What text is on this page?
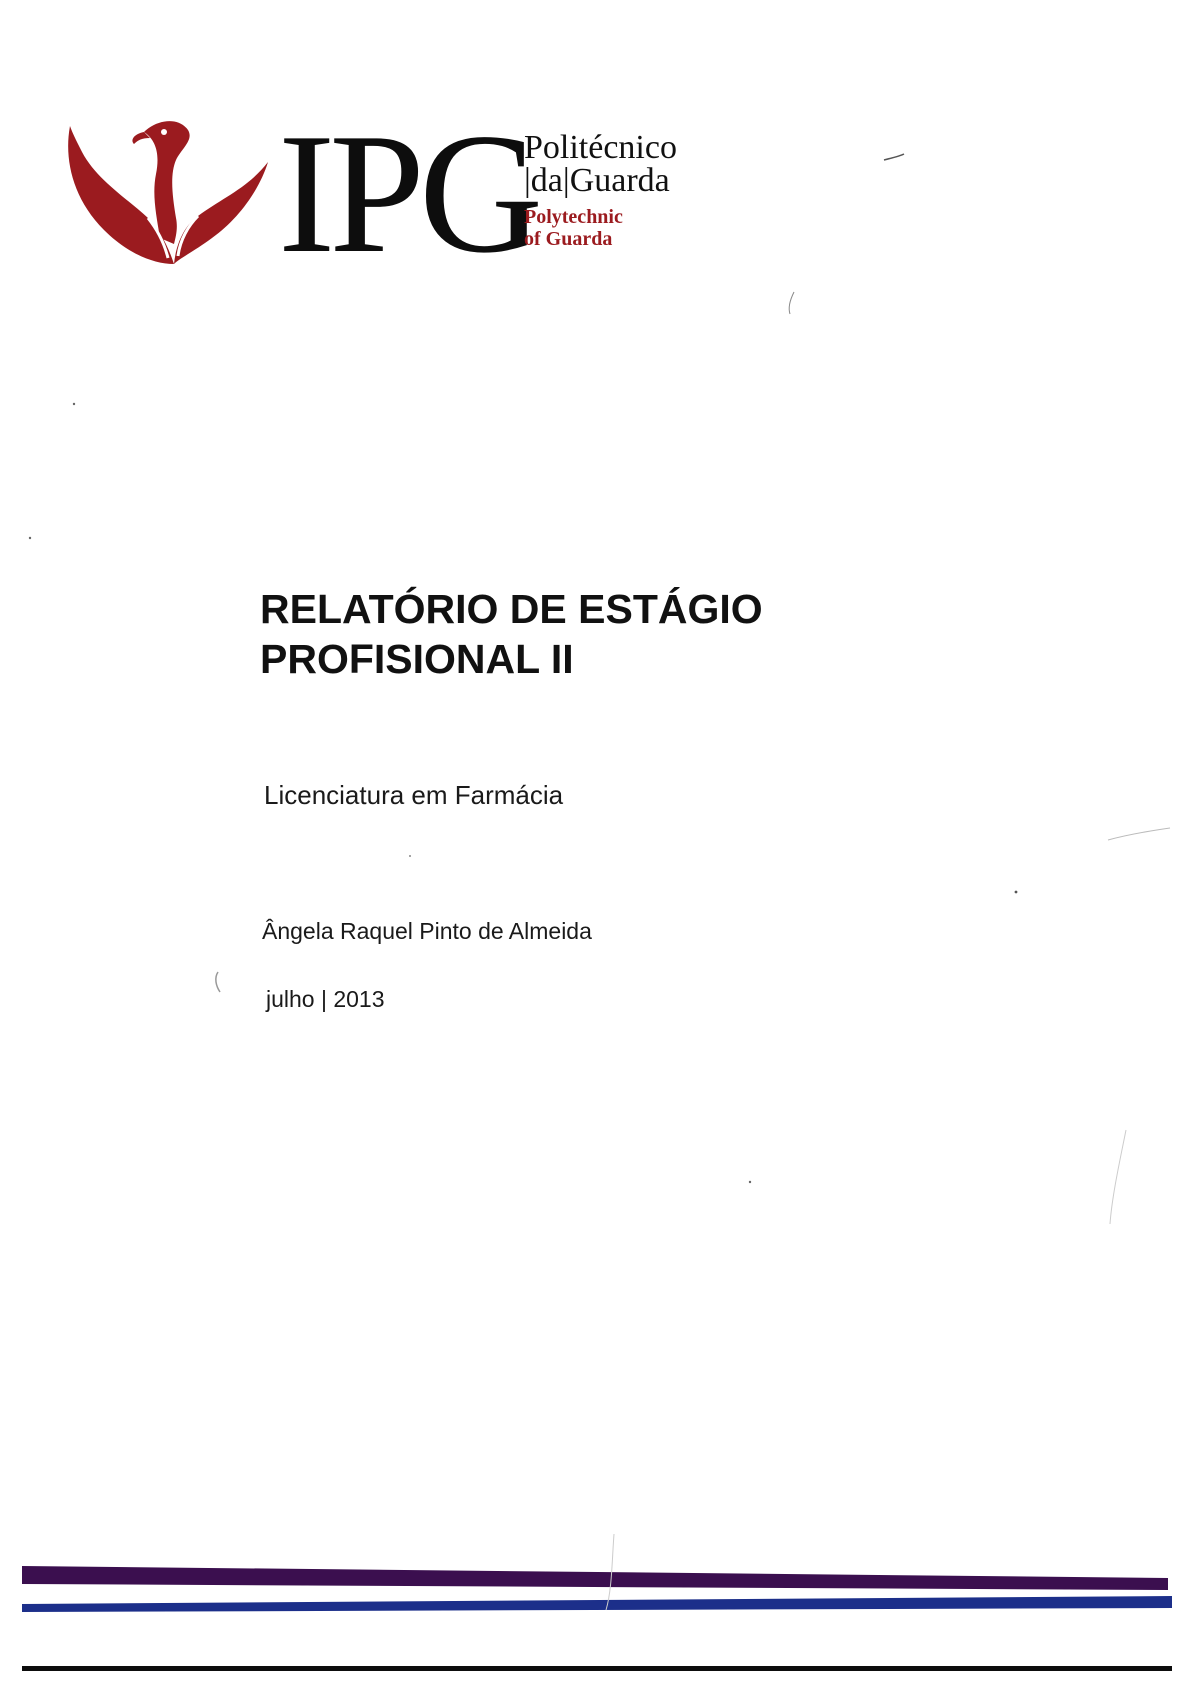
IPG
Politécnico
|da|Guarda
Polytechnic
of Guarda
RELATÓRIO DE ESTÁGIO
PROFISIONAL II
Licenciatura em Farmácia
Ângela Raquel Pinto de Almeida
julho | 2013
